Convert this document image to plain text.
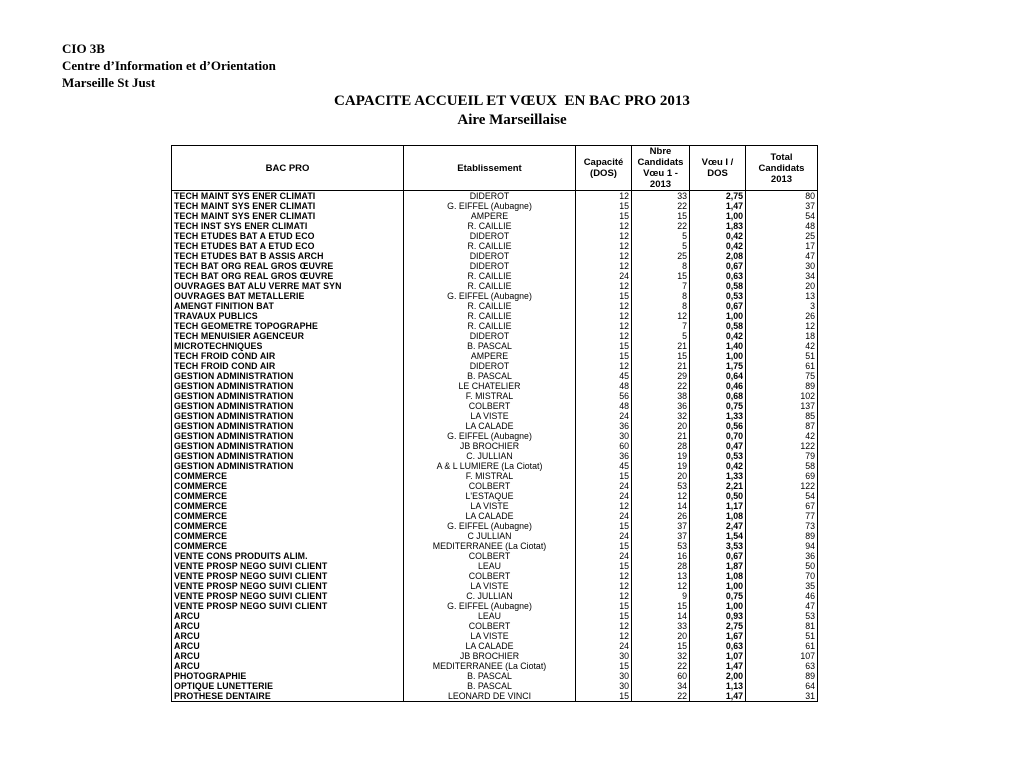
CIO 3B
Centre d’Information et d’Orientation
Marseille St Just
CAPACITE ACCUEIL ET VŒUX  EN BAC PRO 2013
Aire Marseillaise
BAC PRO	Etablissement	Capacité (DOS)	Nbre Candidats Vœu 1 - 2013	Vœu I / DOS	Total Candidats 2013
TECH MAINT SYS ENER CLIMATI	DIDEROT	12	33	2,75	80
TECH MAINT SYS ENER CLIMATI	G. EIFFEL (Aubagne)	15	22	1,47	37
TECH MAINT SYS ENER CLIMATI	AMPERE	15	15	1,00	54
TECH INST SYS ENER CLIMATI	R. CAILLIE	12	22	1,83	48
TECH ETUDES BAT A ETUD ECO	DIDEROT	12	5	0,42	25
TECH ETUDES BAT A ETUD ECO	R. CAILLIE	12	5	0,42	17
TECH ETUDES BAT B ASSIS ARCH	DIDEROT	12	25	2,08	47
TECH BAT ORG REAL GROS ŒUVRE	DIDEROT	12	8	0,67	30
TECH BAT ORG REAL GROS ŒUVRE	R. CAILLIE	24	15	0,63	34
OUVRAGES BAT ALU VERRE MAT SYN	R. CAILLIE	12	7	0,58	20
OUVRAGES BAT METALLERIE	G. EIFFEL (Aubagne)	15	8	0,53	13
AMENGT FINITION BAT	R. CAILLIE	12	8	0,67	3
TRAVAUX PUBLICS	R. CAILLIE	12	12	1,00	26
TECH GEOMETRE TOPOGRAPHE	R. CAILLIE	12	7	0,58	12
TECH MENUISIER AGENCEUR	DIDEROT	12	5	0,42	18
MICROTECHNIQUES	B. PASCAL	15	21	1,40	42
TECH FROID COND AIR	AMPERE	15	15	1,00	51
TECH FROID COND AIR	DIDEROT	12	21	1,75	61
GESTION ADMINISTRATION	B. PASCAL	45	29	0,64	75
GESTION ADMINISTRATION	LE CHATELIER	48	22	0,46	89
GESTION ADMINISTRATION	F. MISTRAL	56	38	0,68	102
GESTION ADMINISTRATION	COLBERT	48	36	0,75	137
GESTION ADMINISTRATION	LA VISTE	24	32	1,33	85
GESTION ADMINISTRATION	LA CALADE	36	20	0,56	87
GESTION ADMINISTRATION	G. EIFFEL (Aubagne)	30	21	0,70	42
GESTION ADMINISTRATION	JB BROCHIER	60	28	0,47	122
GESTION ADMINISTRATION	C. JULLIAN	36	19	0,53	79
GESTION ADMINISTRATION	A & L LUMIERE (La Ciotat)	45	19	0,42	58
COMMERCE	F. MISTRAL	15	20	1,33	69
COMMERCE	COLBERT	24	53	2,21	122
COMMERCE	L'ESTAQUE	24	12	0,50	54
COMMERCE	LA VISTE	12	14	1,17	67
COMMERCE	LA CALADE	24	26	1,08	77
COMMERCE	G. EIFFEL (Aubagne)	15	37	2,47	73
COMMERCE	C JULLIAN	24	37	1,54	89
COMMERCE	MEDITERRANEE (La Ciotat)	15	53	3,53	94
VENTE CONS PRODUITS ALIM.	COLBERT	24	16	0,67	36
VENTE PROSP NEGO SUIVI CLIENT	LEAU	15	28	1,87	50
VENTE PROSP NEGO SUIVI CLIENT	COLBERT	12	13	1,08	70
VENTE PROSP NEGO SUIVI CLIENT	LA VISTE	12	12	1,00	35
VENTE PROSP NEGO SUIVI CLIENT	C. JULLIAN	12	9	0,75	46
VENTE PROSP NEGO SUIVI CLIENT	G. EIFFEL (Aubagne)	15	15	1,00	47
ARCU	LEAU	15	14	0,93	53
ARCU	COLBERT	12	33	2,75	81
ARCU	LA VISTE	12	20	1,67	51
ARCU	LA CALADE	24	15	0,63	61
ARCU	JB BROCHIER	30	32	1,07	107
ARCU	MEDITERRANEE (La Ciotat)	15	22	1,47	63
PHOTOGRAPHIE	B. PASCAL	30	60	2,00	89
OPTIQUE LUNETTERIE	B. PASCAL	30	34	1,13	64
PROTHESE DENTAIRE	LEONARD DE VINCI	15	22	1,47	31
